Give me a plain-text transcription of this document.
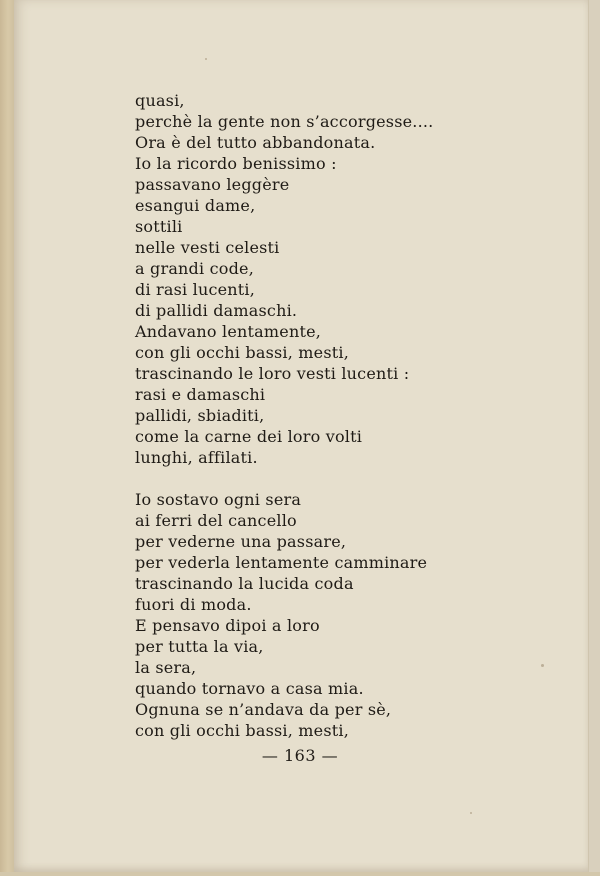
quasi,
perchè la gente non s’accorgesse....
Ora è del tutto abbandonata.
Io la ricordo benissimo :
passavano leggère
esangui dame,
sottili
nelle vesti celesti
a grandi code,
di rasi lucenti,
di pallidi damaschi.
Andavano lentamente,
con gli occhi bassi, mesti,
trascinando le loro vesti lucenti :
rasi e damaschi
pallidi, sbiaditi,
come la carne dei loro volti
lunghi, affilati.
Io sostavo ogni sera
ai ferri del cancello
per vederne una passare,
per vederla lentamente camminare
trascinando la lucida coda
fuori di moda.
E pensavo dipoi a loro
per tutta la via,
la sera,
quando tornavo a casa mia.
Ognuna se n’andava da per sè,
con gli occhi bassi, mesti,
— 163 —
